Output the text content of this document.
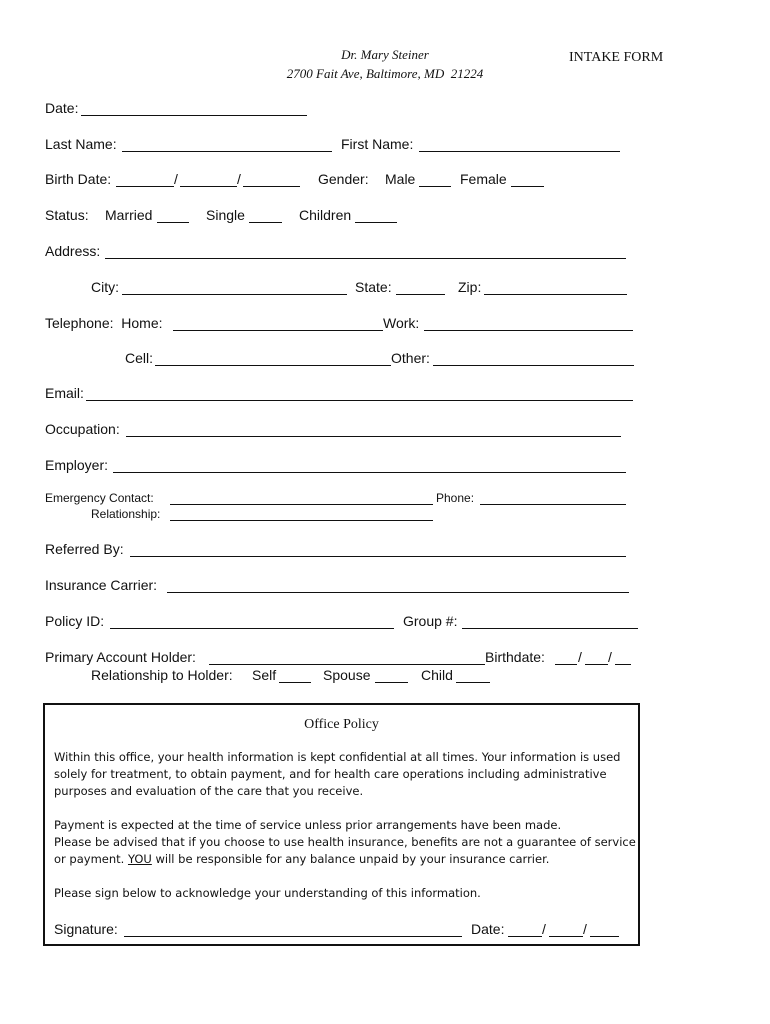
Dr. Mary Steiner
2700 Fait Ave, Baltimore, MD  21224
INTAKE FORM
Date:
Last Name:	First Name:
Birth Date:	/	/	Gender: Male	Female
Status: Married	Single	Children
Address:
City:	State:	Zip:
Telephone:  Home:	Work:
Cell:	Other:
Email:
Occupation:
Employer:
Emergency Contact:	Phone:
Relationship:
Referred By:
Insurance Carrier:
Policy ID:	Group #:
Primary Account Holder:	Birthdate: / /
Relationship to Holder: Self	Spouse	Child
Office Policy
Within this office, your health information is kept confidential at all times. Your information is used solely for treatment, to obtain payment, and for health care operations including administrative purposes and evaluation of the care that you receive.
Payment is expected at the time of service unless prior arrangements have been made.
Please be advised that if you choose to use health insurance, benefits are not a guarantee of service or payment. YOU will be responsible for any balance unpaid by your insurance carrier.
Please sign below to acknowledge your understanding of this information.
Signature:	Date:	/	/
